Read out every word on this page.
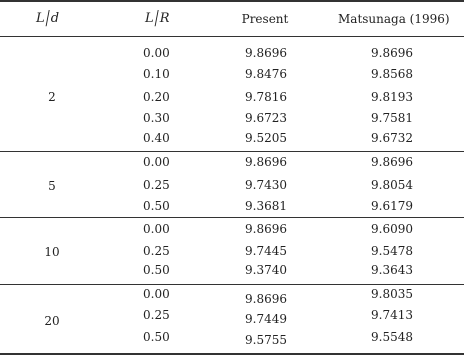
L/d	L/R	Present	Matsunaga (1996)
2
0.00	9.8696	9.8696
0.10	9.8476	9.8568
0.20	9.7816	9.8193
0.30	9.6723	9.7581
0.40	9.5205	9.6732
5
0.00	9.8696	9.8696
0.25	9.7430	9.8054
0.50	9.3681	9.6179
10
0.00	9.8696	9.6090
0.25	9.7445	9.5478
0.50	9.3740	9.3643
20
0.00	9.8696	9.8035
0.25	9.7449	9.7413
0.50	9.5755	9.5548
